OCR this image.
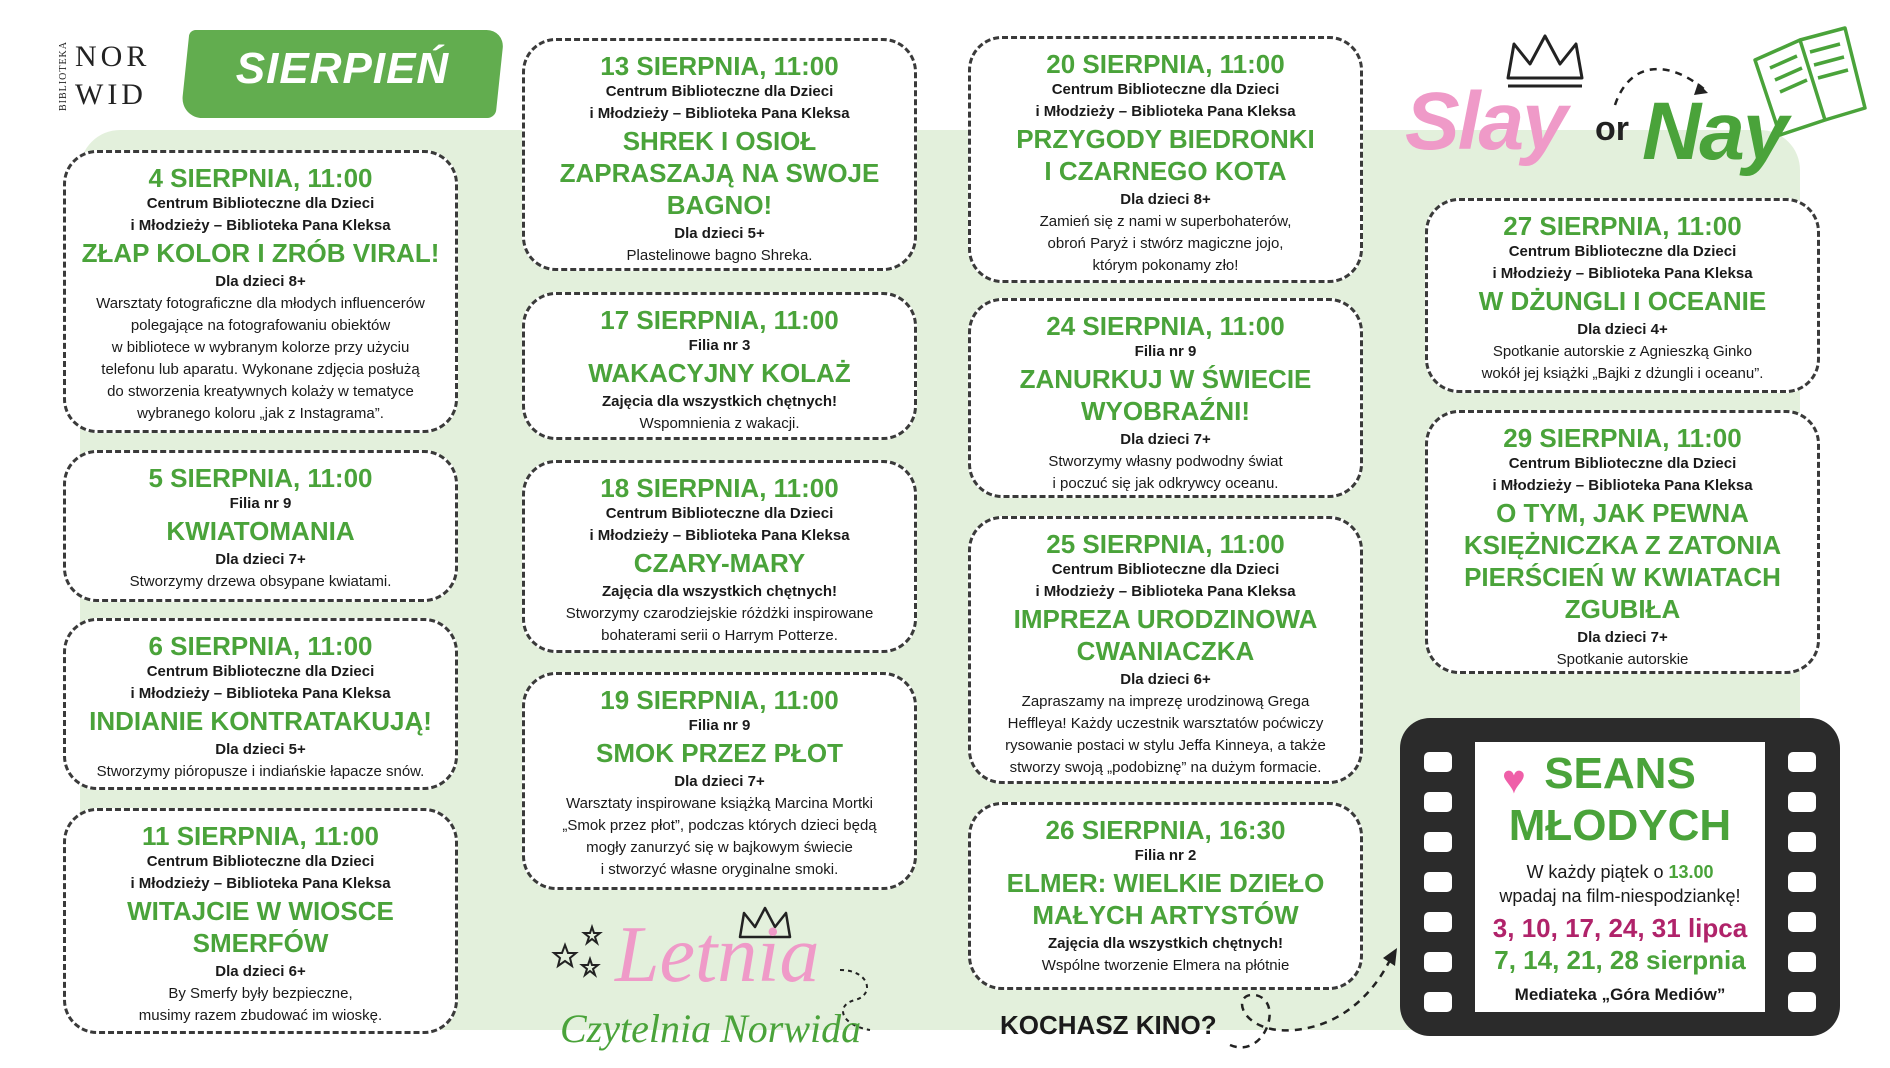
BIBLIOTEKA NOR
WID
SIERPIEŃ
4 SIERPNIA, 11:00
Centrum Biblioteczne dla Dzieci
i Młodzieży – Biblioteka Pana Kleksa
ZŁAP KOLOR I ZRÓB VIRAL!
Dla dzieci 8+
Warsztaty fotograficzne dla młodych influencerów
polegające na fotografowaniu obiektów
w bibliotece w wybranym kolorze przy użyciu
telefonu lub aparatu. Wykonane zdjęcia posłużą
do stworzenia kreatywnych kolaży w tematyce
wybranego koloru „jak z Instagrama”.
5 SIERPNIA, 11:00
Filia nr 9
KWIATOMANIA
Dla dzieci 7+
Stworzymy drzewa obsypane kwiatami.
6 SIERPNIA, 11:00
Centrum Biblioteczne dla Dzieci
i Młodzieży – Biblioteka Pana Kleksa
INDIANIE KONTRATAKUJĄ!
Dla dzieci 5+
Stworzymy pióropusze i indiańskie łapacze snów.
11 SIERPNIA, 11:00
Centrum Biblioteczne dla Dzieci
i Młodzieży – Biblioteka Pana Kleksa
WITAJCIE W WIOSCE
SMERFÓW
Dla dzieci 6+
By Smerfy były bezpieczne,
musimy razem zbudować im wioskę.
13 SIERPNIA, 11:00
Centrum Biblioteczne dla Dzieci
i Młodzieży – Biblioteka Pana Kleksa
SHREK I OSIOŁ
ZAPRASZAJĄ NA SWOJE
BAGNO!
Dla dzieci 5+
Plastelinowe bagno Shreka.
17 SIERPNIA, 11:00
Filia nr 3
WAKACYJNY KOLAŻ
Zajęcia dla wszystkich chętnych!
Wspomnienia z wakacji.
18 SIERPNIA, 11:00
Centrum Biblioteczne dla Dzieci
i Młodzieży – Biblioteka Pana Kleksa
CZARY-MARY
Zajęcia dla wszystkich chętnych!
Stworzymy czarodziejskie różdżki inspirowane
bohaterami serii o Harrym Potterze.
19 SIERPNIA, 11:00
Filia nr 9
SMOK PRZEZ PŁOT
Dla dzieci 7+
Warsztaty inspirowane książką Marcina Mortki
„Smok przez płot”, podczas których dzieci będą
mogły zanurzyć się w bajkowym świecie
i stworzyć własne oryginalne smoki.
20 SIERPNIA, 11:00
Centrum Biblioteczne dla Dzieci
i Młodzieży – Biblioteka Pana Kleksa
PRZYGODY BIEDRONKI
I CZARNEGO KOTA
Dla dzieci 8+
Zamień się z nami w superbohaterów,
obroń Paryż i stwórz magiczne jojo,
którym pokonamy zło!
24 SIERPNIA, 11:00
Filia nr 9
ZANURKUJ W ŚWIECIE
WYOBRAŹNI!
Dla dzieci 7+
Stworzymy własny podwodny świat
i poczuć się jak odkrywcy oceanu.
25 SIERPNIA, 11:00
Centrum Biblioteczne dla Dzieci
i Młodzieży – Biblioteka Pana Kleksa
IMPREZA URODZINOWA
CWANIACZKA
Dla dzieci 6+
Zapraszamy na imprezę urodzinową Grega
Heffleya! Każdy uczestnik warsztatów poćwiczy
rysowanie postaci w stylu Jeffa Kinneya, a także
stworzy swoją „podobiznę” na dużym formacie.
26 SIERPNIA, 16:30
Filia nr 2
ELMER: WIELKIE DZIEŁO
MAŁYCH ARTYSTÓW
Zajęcia dla wszystkich chętnych!
Wspólne tworzenie Elmera na płótnie
27 SIERPNIA, 11:00
Centrum Biblioteczne dla Dzieci
i Młodzieży – Biblioteka Pana Kleksa
W DŻUNGLI I OCEANIE
Dla dzieci 4+
Spotkanie autorskie z Agnieszką Ginko
wokół jej książki „Bajki z dżungli i oceanu”.
29 SIERPNIA, 11:00
Centrum Biblioteczne dla Dzieci
i Młodzieży – Biblioteka Pana Kleksa
O TYM, JAK PEWNA
KSIĘŻNICZKA Z ZATONIA
PIERŚCIEŃ W KWIATACH
ZGUBIŁA
Dla dzieci 7+
Spotkanie autorskie
Slay or Nay
SEANS
MŁODYCH
W każdy piątek o 13.00
wpadaj na film-niespodziankę!
3, 10, 17, 24, 31 lipca
7, 14, 21, 28 sierpnia
Mediateka „Góra Mediów”
♥
KOCHASZ KINO?
Letnia
Czytelnia Norwida
